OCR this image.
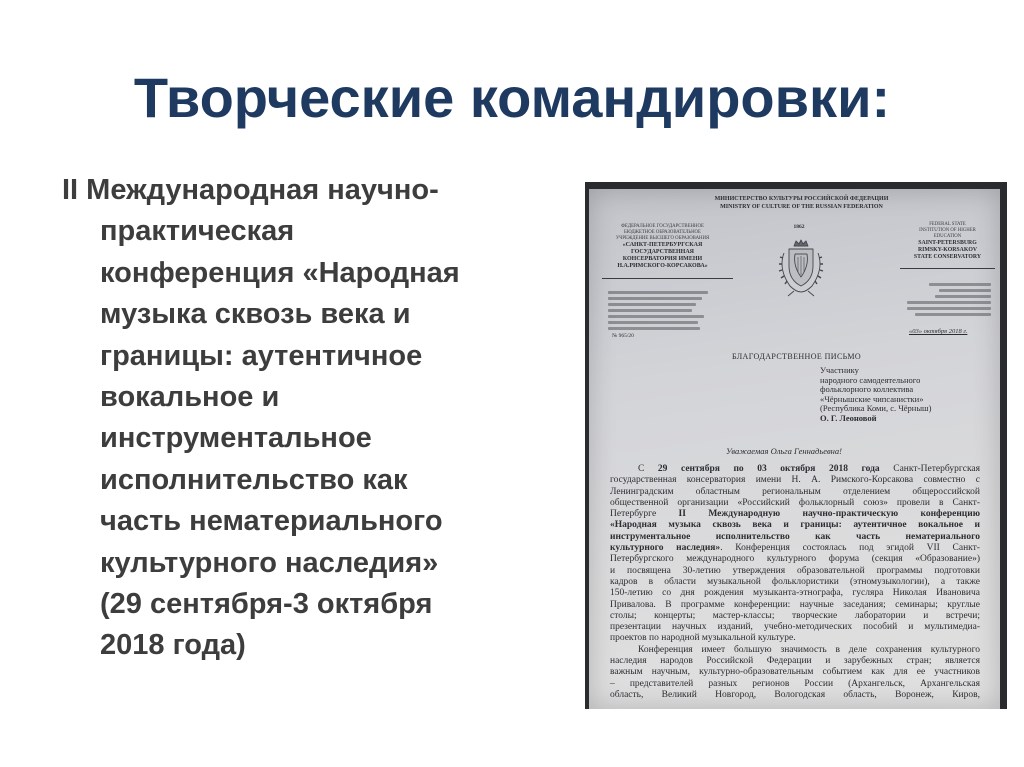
Творческие командировки:
II Международная научно-
практическая
конференция «Народная
музыка сквозь века и
границы: аутентичное
вокальное и
инструментальное
исполнительство как
часть нематериального
культурного наследия»
(29 сентября-3 октября
2018 года)
МИНИСТЕРСТВО КУЛЬТУРЫ РОССИЙСКОЙ ФЕДЕРАЦИИ
MINISTRY OF CULTURE OF THE RUSSIAN FEDERATION
ФЕДЕРАЛЬНОЕ ГОСУДАРСТВЕННОЕ
БЮДЖЕТНОЕ ОБРАЗОВАТЕЛЬНОЕ
УЧРЕЖДЕНИЕ ВЫСШЕГО ОБРАЗОВАНИЯ
«САНКТ-ПЕТЕРБУРГСКАЯ
ГОСУДАРСТВЕННАЯ
КОНСЕРВАТОРИЯ ИМЕНИ
Н.А.РИМСКОГО-КОРСАКОВА»
1862	FEDERAL STATE
INSTITUTION OF HIGHER
EDUCATION
SAINT-PETERSBURG
RIMSKY-KORSAKOV
STATE CONSERVATORY
№ 965/20
«03» октября 2018 г.
БЛАГОДАРСТВЕННОЕ ПИСЬМО
Участнику
народного самодеятельного
фольклорного коллектива
«Чёрнышские чипсанистки»
(Республика Коми, с. Чёрныш)
О. Г. Леоновой
Уважаемая Ольга Геннадьевна!
С 29 сентября по 03 октября 2018 года Санкт-Петербургская
государственная консерватория имени Н. А. Римского-Корсакова совместно с
Ленинградским областным региональным отделением общероссийской
общественной организации «Российский фольклорный союз» провели в Санкт-
Петербурге II Международную научно-практическую конференцию
«Народная музыка сквозь века и границы: аутентичное вокальное и
инструментальное исполнительство как часть нематериального
культурного наследия». Конференция состоялась под эгидой VII Санкт-
Петербургского международного культурного форума (секция «Образование»)
и посвящена 30-летию утверждения образовательной программы подготовки
кадров в области музыкальной фольклористики (этномузыкологии), а также
150-летию со дня рождения музыканта-этнографа, гусляра Николая Ивановича
Привалова. В программе конференции: научные заседания; семинары; круглые
столы; концерты; мастер-классы; творческие лаборатории и встречи;
презентации научных изданий, учебно-методических пособий и мультимедиа-
проектов по народной музыкальной культуре.
Конференция имеет большую значимость в деле сохранения культурного
наследия народов Российской Федерации и зарубежных стран; является
важным научным, культурно-образовательным событием как для ее участников
– представителей разных регионов России (Архангельск, Архангельская
область, Великий Новгород, Вологодская область, Воронеж, Киров,
